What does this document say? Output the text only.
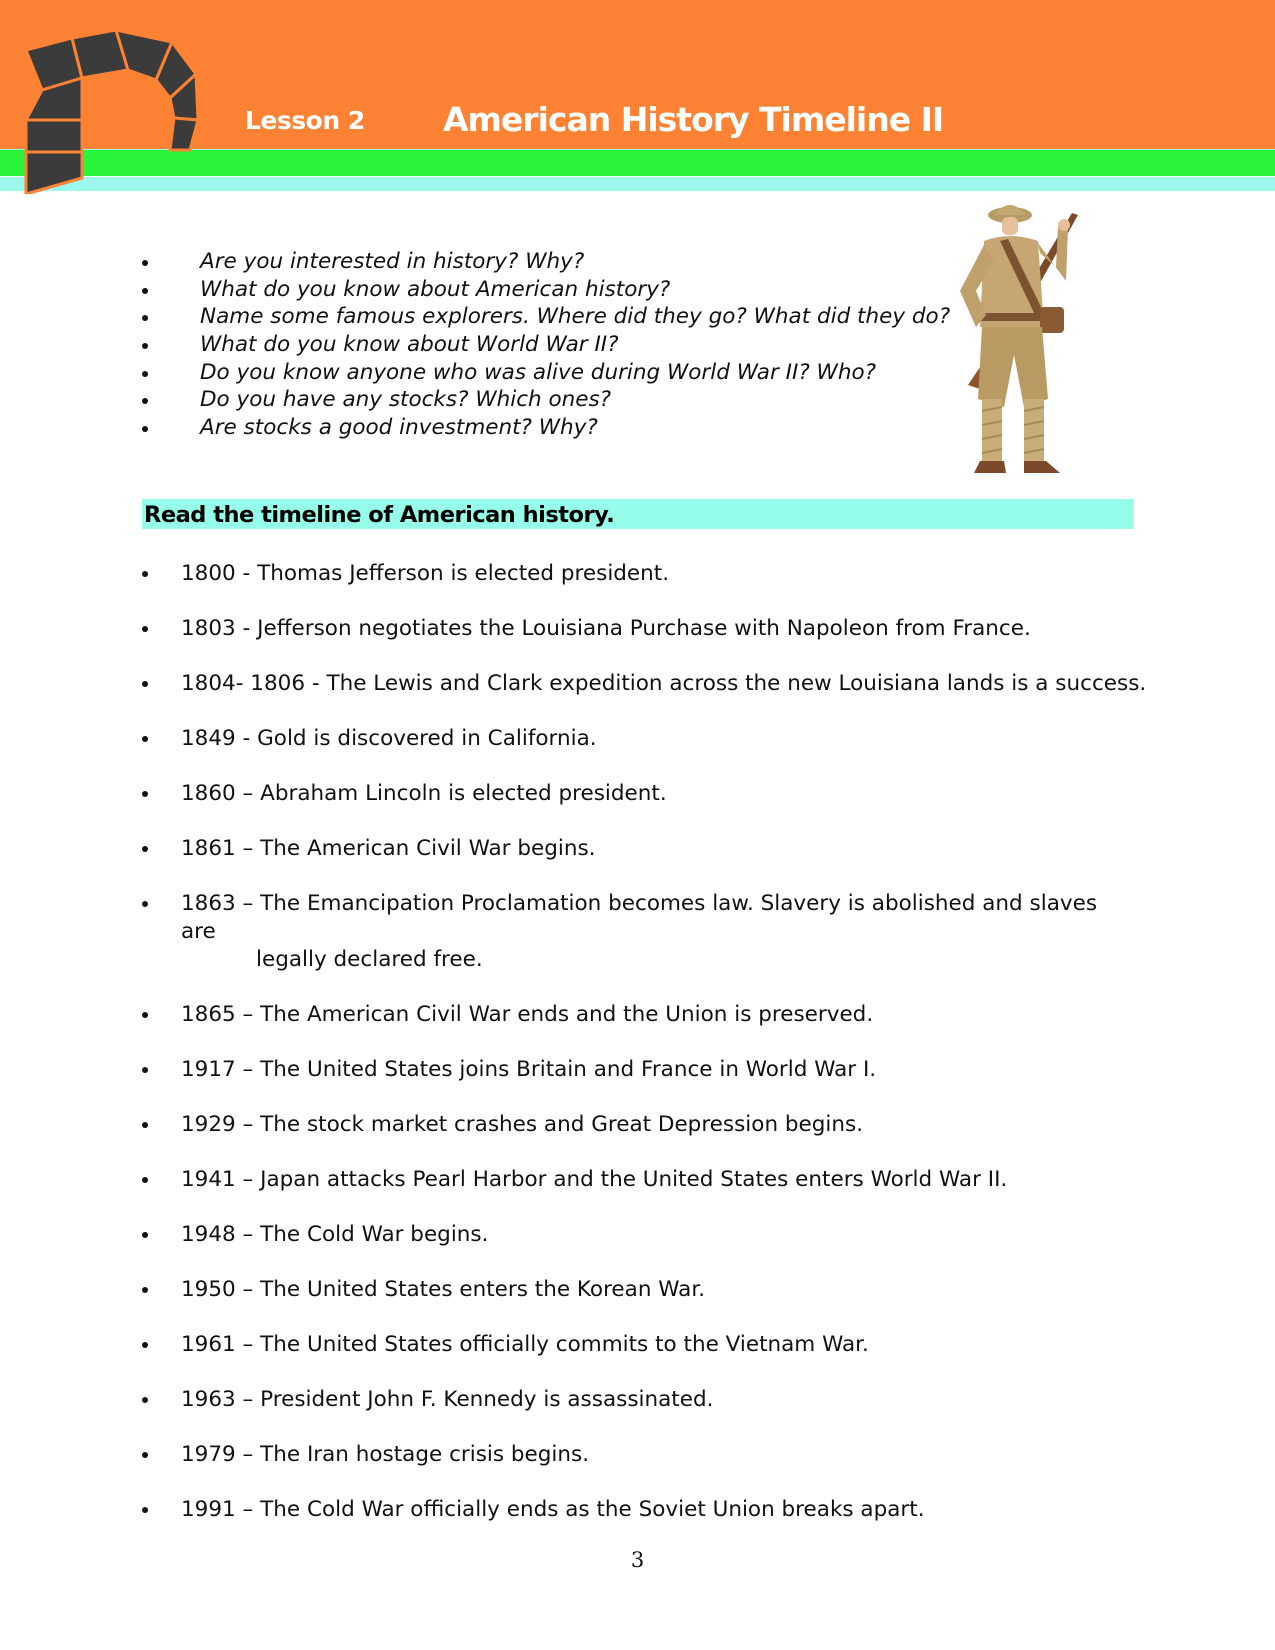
Lesson 2 American History Timeline II
Are you interested in history? Why?
What do you know about American history?
Name some famous explorers. Where did they go? What did they do?
What do you know about World War II?
Do you know anyone who was alive during World War II? Who?
Do you have any stocks? Which ones?
Are stocks a good investment? Why?
Read the timeline of American history.
1800 - Thomas Jefferson is elected president.
1803 - Jefferson negotiates the Louisiana Purchase with Napoleon from France.
1804- 1806 - The Lewis and Clark expedition across the new Louisiana lands is a success.
1849 - Gold is discovered in California.
1860 – Abraham Lincoln is elected president.
1861 – The American Civil War begins.
1863 – The Emancipation Proclamation becomes law. Slavery is abolished and slaves are
legally declared free.
1865 – The American Civil War ends and the Union is preserved.
1917 – The United States joins Britain and France in World War I.
1929 – The stock market crashes and Great Depression begins.
1941 – Japan attacks Pearl Harbor and the United States enters World War II.
1948 – The Cold War begins.
1950 – The United States enters the Korean War.
1961 – The United States officially commits to the Vietnam War.
1963 – President John F. Kennedy is assassinated.
1979 – The Iran hostage crisis begins.
1991 – The Cold War officially ends as the Soviet Union breaks apart.
3
